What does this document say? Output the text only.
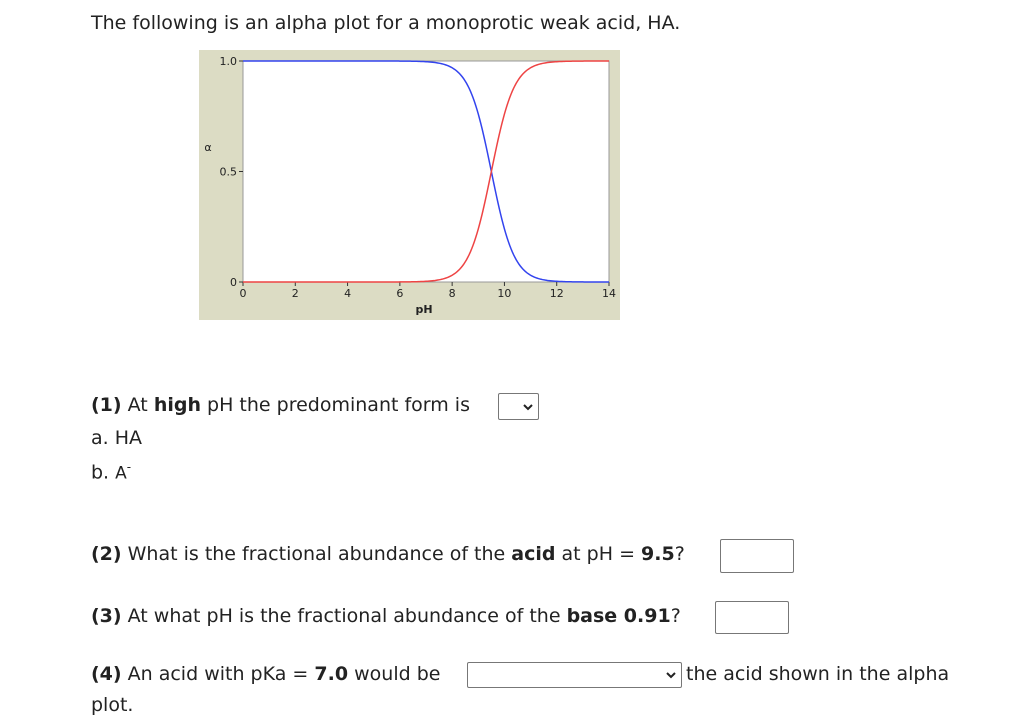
The following is an alpha plot for a monoprotic weak acid, HA.
0
0.5
1.0
0	2	4	6	8	10	12	14
pH
α
(1) At high pH the predominant form is
a. HA
b. A-
(2) What is the fractional abundance of the acid at pH = 9.5?
(3) At what pH is the fractional abundance of the base 0.91?
(4) An acid with pKa = 7.0 would be	the acid shown in the alpha
plot.
